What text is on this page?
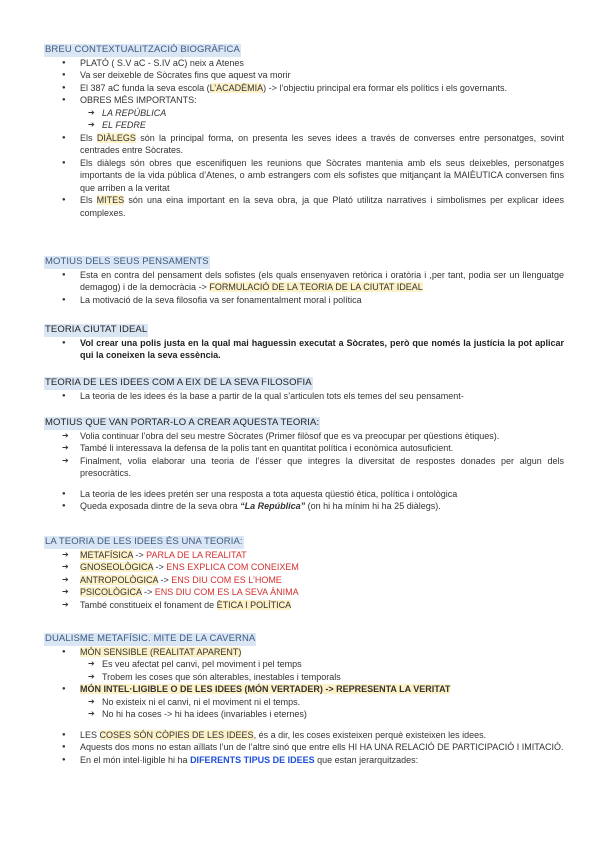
BREU CONTEXTUALITZACIÓ BIOGRÀFICA
● PLATÓ ( S.V aC - S.IV aC) neix a Atenes
● Va ser deixeble de Sòcrates fins que aquest va morir
● El 387 aC funda la seva escola (L’ACADÈMIA) -> l’objectiu principal era formar els polítics i els governants.
● OBRES MÉS IMPORTANTS:
➔ LA REPÚBLICA
➔ EL FEDRE
● Els DIÀLEGS són la principal forma, on presenta les seves idees a través de converses entre personatges, sovint centrades entre Sòcrates.
● Els diàlegs són obres que escenifiquen les reunions que Sòcrates mantenia amb els seus deixebles, personatges importants de la vida pública d’Atenes, o amb estrangers com els sofistes que mitjançant la MAIÈUTICA conversen fins que arriben a la veritat
● Els MITES són una eina important en la seva obra, ja que Plató utilitza narratives i simbolismes per explicar idees complexes.
MOTIUS DELS SEUS PENSAMENTS
● Esta en contra del pensament dels sofistes (els quals ensenyaven retòrica i oratòria i ,per tant, podia ser un llenguatge demagog) i de la democràcia -> FORMULACIÓ DE LA TEORIA DE LA CIUTAT IDEAL
● La motivació de la seva filosofia va ser fonamentalment moral i política
TEORIA CIUTAT IDEAL
● Vol crear una polis justa en la qual mai haguessin executat a Sòcrates, però que només la justícia la pot aplicar qui la coneixen la seva essència.
TEORIA DE LES IDEES COM A EIX DE LA SEVA FILOSOFIA
● La teoria de les idees és la base a partir de la qual s’articulen tots els temes del seu pensament-
MOTIUS QUE VAN PORTAR-LO A CREAR AQUESTA TEORIA:
➔ Volia continuar l’obra del seu mestre Sòcrates (Primer filòsof que es va preocupar per qüestions ètiques).
➔ També li interessava la defensa de la polis tant en quantitat política i econòmica autosuficient.
➔ Finalment, volia elaborar una teoria de l’ésser que integres la diversitat de respostes donades per algun dels presocràtics.
● La teoria de les idees pretén ser una resposta a tota aquesta qüestió ètica, política i ontològica
● Queda exposada dintre de la seva obra “La República” (on hi ha mínim hi ha 25 diàlegs).
LA TEORIA DE LES IDEES ÉS UNA TEORIA:
➔ METAFÍSICA -> PARLA DE LA REALITAT
➔ GNOSEOLÒGICA -> ENS EXPLICA COM CONEIXEM
➔ ANTROPOLÒGICA -> ENS DIU COM ES L’HOME
➔ PSICOLÒGICA -> ENS DIU COM ES LA SEVA ÀNIMA
➔ També constitueix el fonament de ÈTICA I POLÍTICA
DUALISME METAFÍSIC. MITE DE LA CAVERNA
● MÓN SENSIBLE (REALITAT APARENT)
➔ Es veu afectat pel canvi, pel moviment i pel temps
➔ Trobem les coses que són alterables, inestables i temporals
● MÓN INTEL·LIGIBLE O DE LES IDEES (MÓN VERTADER) -> REPRESENTA LA VERITAT
➔ No existeix ni el canvi, ni el moviment ni el temps.
➔ No hi ha coses -> hi ha idees (invariables i eternes)
● LES COSES SÓN CÒPIES DE LES IDEES, és a dir, les coses existeixen perquè existeixen les idees.
● Aquests dos mons no estan aïllats l’un de l’altre sinó que entre ells HI HA UNA RELACIÓ DE PARTICIPACIÓ I IMITACIÓ.
● En el món intel·ligible hi ha DIFERENTS TIPUS DE IDEES que estan jerarquitzades:
